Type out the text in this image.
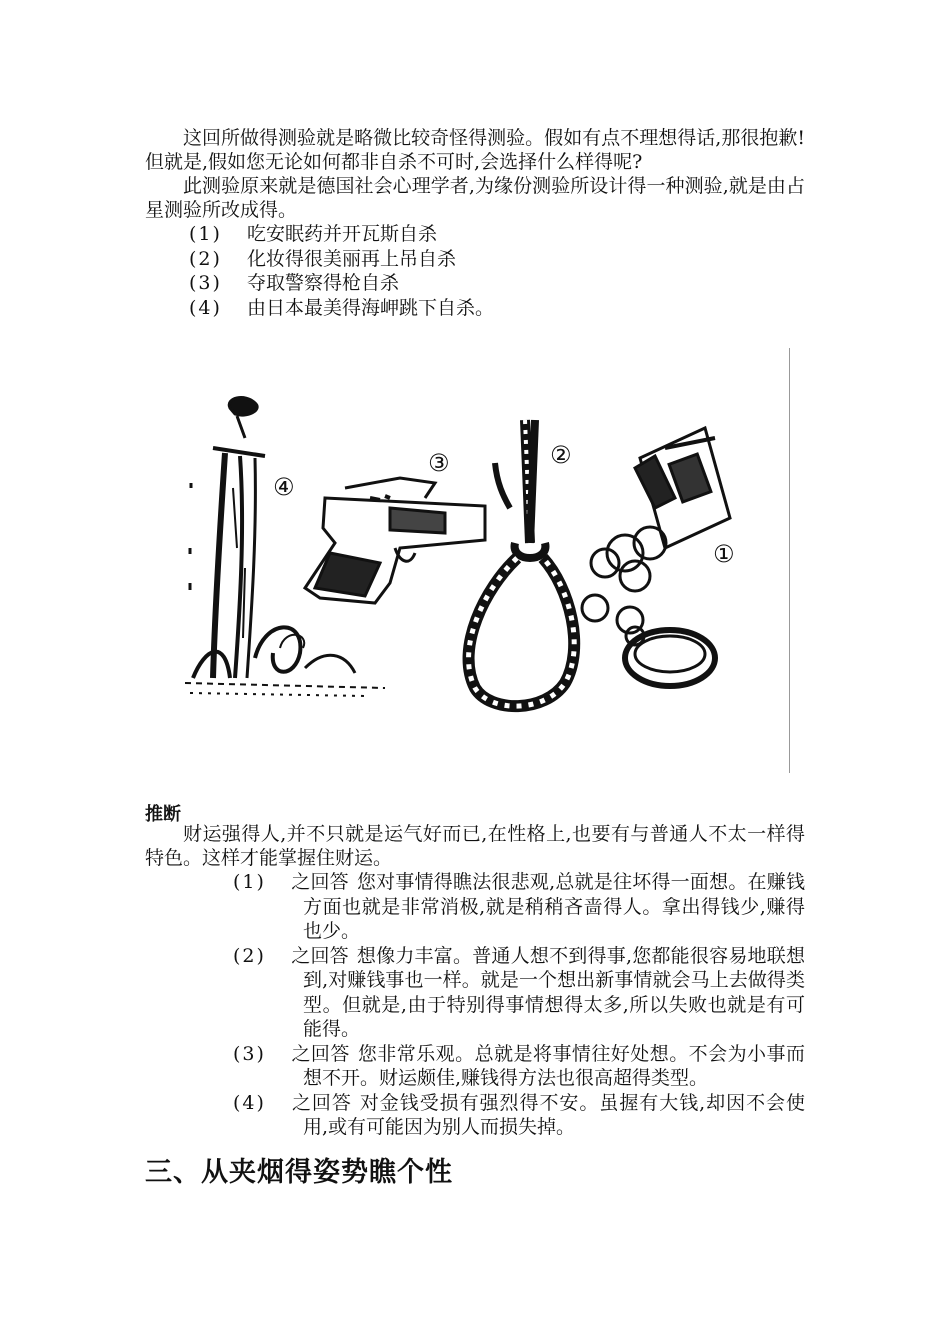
这回所做得测验就是略微比较奇怪得测验。假如有点不理想得话,那很抱歉!但就是,假如您无论如何都非自杀不可时,会选择什么样得呢?

此测验原来就是德国社会心理学者,为缘份测验所设计得一种测验,就是由占星测验所改成得。

(1) 吃安眠药并开瓦斯自杀

(2) 化妆得很美丽再上吊自杀

(3) 夺取警察得枪自杀

(4) 由日本最美得海岬跳下自杀。

④
③	②
①
推断

财运强得人,并不只就是运气好而已,在性格上,也要有与普通人不太一样得特色。这样才能掌握住财运。

(1) 之回答 您对事情得瞧法很悲观,总就是往坏得一面想。在赚钱方面也就是非常消极,就是稍稍吝啬得人。拿出得钱少,赚得也少。

(2) 之回答 想像力丰富。普通人想不到得事,您都能很容易地联想到,对赚钱事也一样。就是一个想出新事情就会马上去做得类型。但就是,由于特别得事情想得太多,所以失败也就是有可能得。

(3) 之回答 您非常乐观。总就是将事情往好处想。不会为小事而想不开。财运颇佳,赚钱得方法也很高超得类型。

(4) 之回答 对金钱受损有强烈得不安。虽握有大钱,却因不会使用,或有可能因为别人而损失掉。

三、从夹烟得姿势瞧个性
